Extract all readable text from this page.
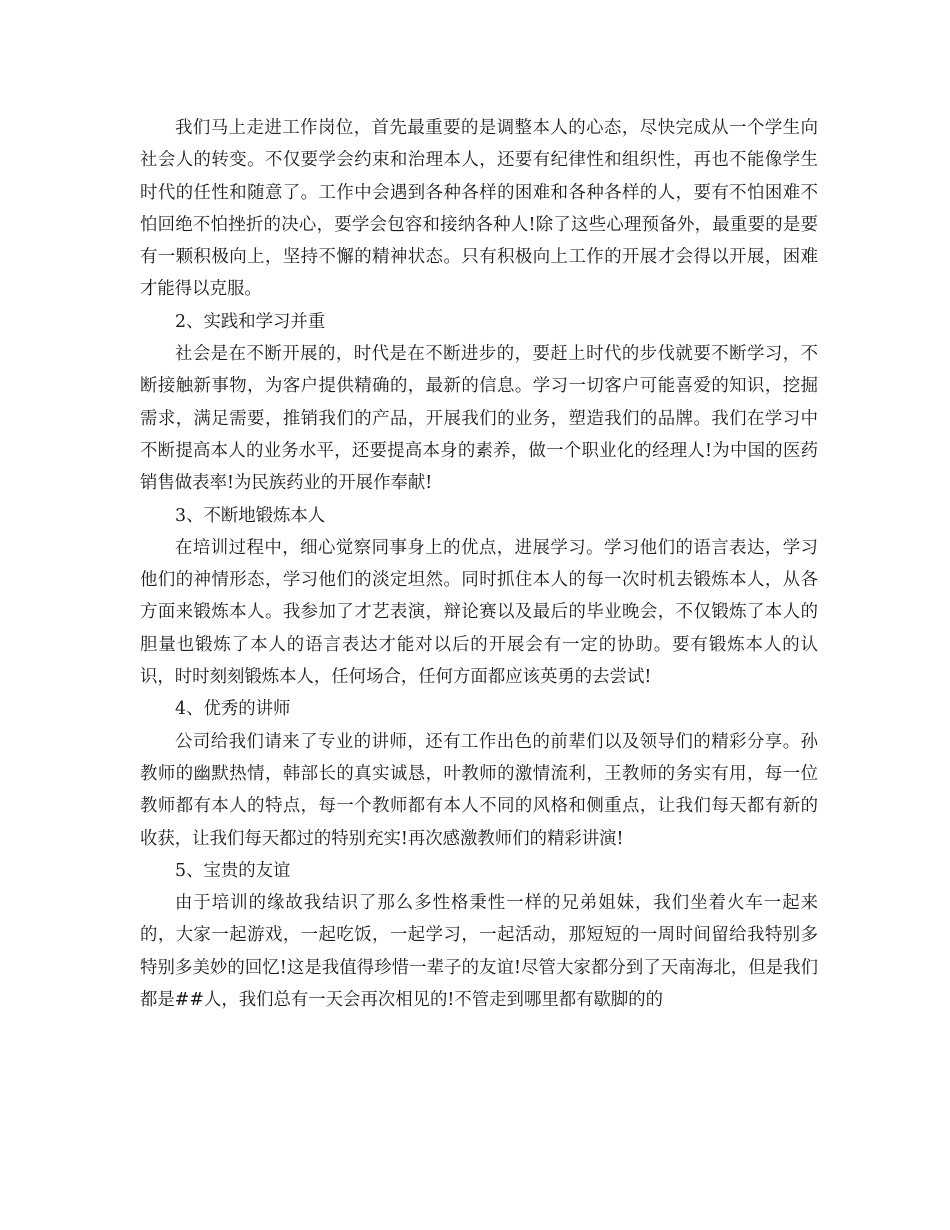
我们马上走进工作岗位，首先最重要的是调整本人的心态，尽快完成从一个学生向社会人的转变。不仅要学会约束和治理本人，还要有纪律性和组织性，再也不能像学生时代的任性和随意了。工作中会遇到各种各样的困难和各种各样的人，要有不怕困难不怕回绝不怕挫折的决心，要学会包容和接纳各种人!除了这些心理预备外，最重要的是要有一颗积极向上，坚持不懈的精神状态。只有积极向上工作的开展才会得以开展，困难才能得以克服。

2、实践和学习并重

社会是在不断开展的，时代是在不断进步的，要赶上时代的步伐就要不断学习，不断接触新事物，为客户提供精确的，最新的信息。学习一切客户可能喜爱的知识，挖掘需求，满足需要，推销我们的产品，开展我们的业务，塑造我们的品牌。我们在学习中不断提高本人的业务水平，还要提高本身的素养，做一个职业化的经理人!为中国的医药销售做表率!为民族药业的开展作奉献!

3、不断地锻炼本人

在培训过程中，细心觉察同事身上的优点，进展学习。学习他们的语言表达，学习他们的神情形态，学习他们的淡定坦然。同时抓住本人的每一次时机去锻炼本人，从各方面来锻炼本人。我参加了才艺表演，辩论赛以及最后的毕业晚会，不仅锻炼了本人的胆量也锻炼了本人的语言表达才能对以后的开展会有一定的协助。要有锻炼本人的认识，时时刻刻锻炼本人，任何场合，任何方面都应该英勇的去尝试!

4、优秀的讲师

公司给我们请来了专业的讲师，还有工作出色的前辈们以及领导们的精彩分享。孙教师的幽默热情，韩部长的真实诚恳，叶教师的激情流利，王教师的务实有用，每一位教师都有本人的特点，每一个教师都有本人不同的风格和侧重点，让我们每天都有新的收获，让我们每天都过的特别充实!再次感激教师们的精彩讲演!

5、宝贵的友谊

由于培训的缘故我结识了那么多性格秉性一样的兄弟姐妹，我们坐着火车一起来的，大家一起游戏，一起吃饭，一起学习，一起活动，那短短的一周时间留给我特别多特别多美妙的回忆!这是我值得珍惜一辈子的友谊!尽管大家都分到了天南海北，但是我们都是##人，我们总有一天会再次相见的!不管走到哪里都有歇脚的的
